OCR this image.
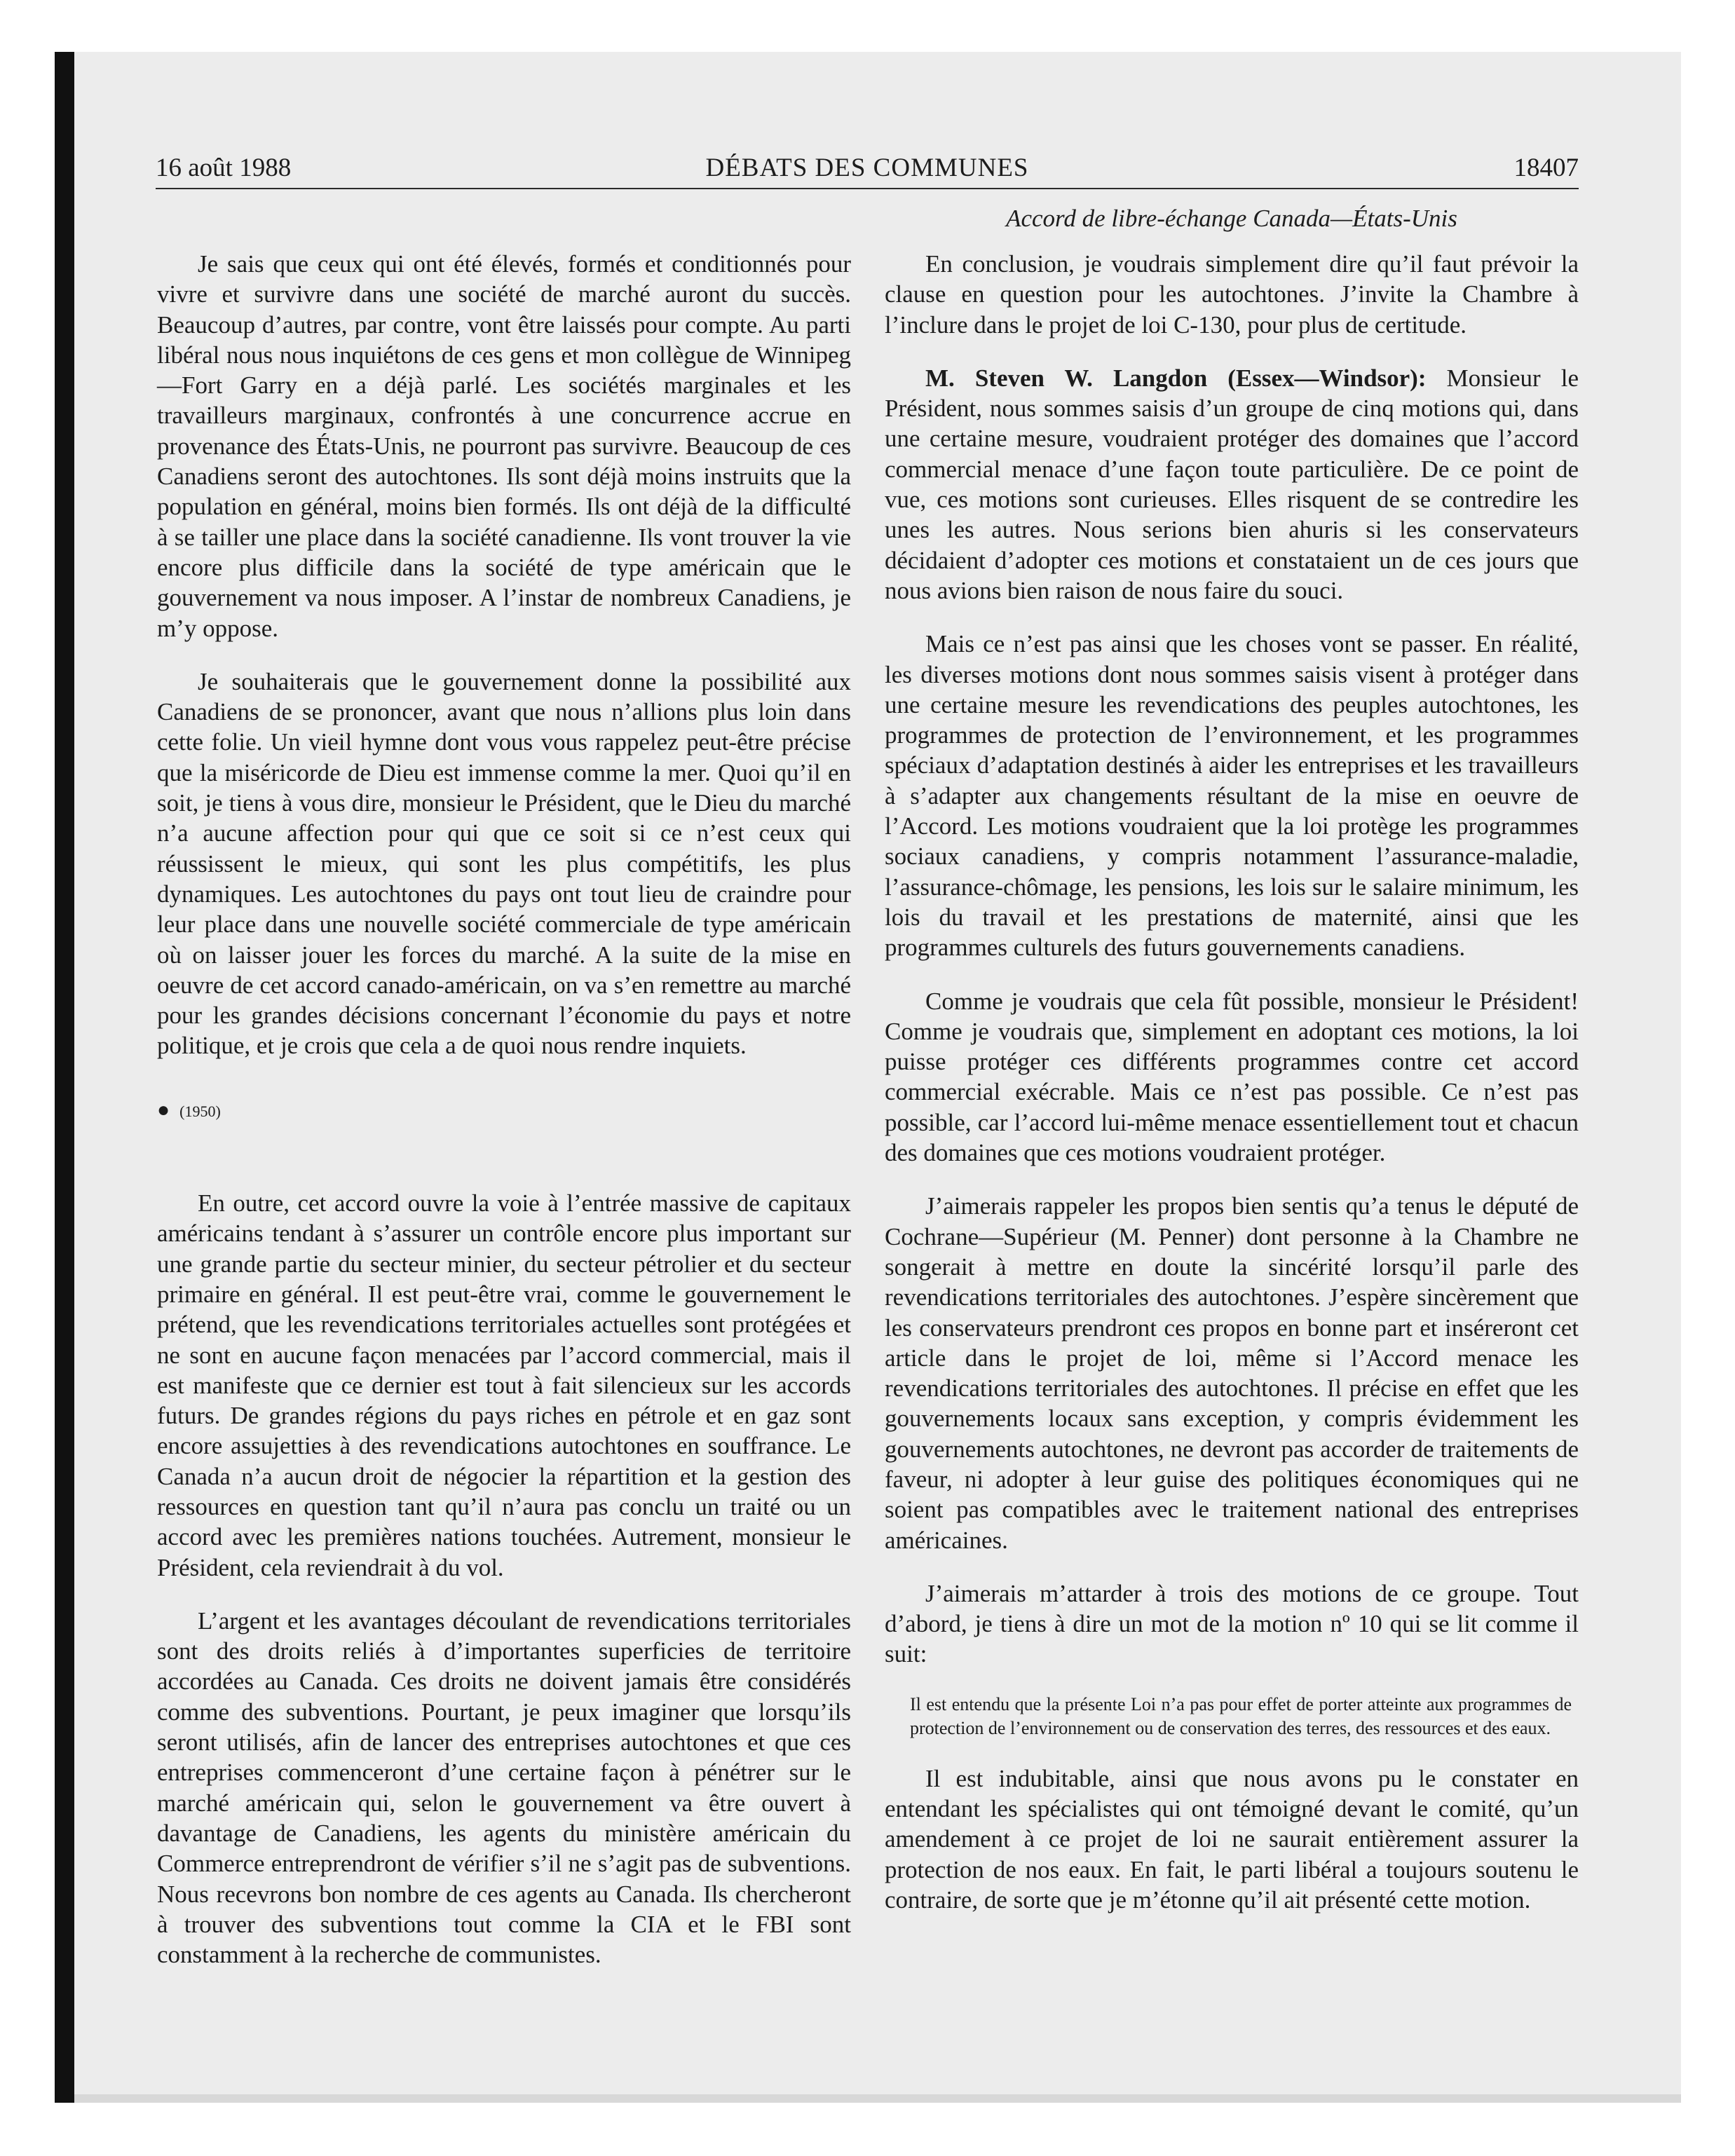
16 août 1988	DÉBATS DES COMMUNES	18407
Accord de libre-échange Canada—États-Unis

Je sais que ceux qui ont été élevés, formés et conditionnés pour vivre et survivre dans une société de marché auront du succès. Beaucoup d’autres, par contre, vont être laissés pour compte. Au parti libéral nous nous inquiétons de ces gens et mon collègue de Winnipeg—Fort Garry en a déjà parlé. Les sociétés marginales et les travailleurs marginaux, confrontés à une concurrence accrue en provenance des États-Unis, ne pourront pas survivre. Beaucoup de ces Canadiens seront des autochtones. Ils sont déjà moins instruits que la population en général, moins bien formés. Ils ont déjà de la difficulté à se tailler une place dans la société canadienne. Ils vont trouver la vie encore plus difficile dans la société de type américain que le gouvernement va nous imposer. A l’instar de nombreux Canadiens, je m’y oppose.

Je souhaiterais que le gouvernement donne la possibilité aux Canadiens de se prononcer, avant que nous n’allions plus loin dans cette folie. Un vieil hymne dont vous vous rappelez peut-être précise que la miséricorde de Dieu est immense comme la mer. Quoi qu’il en soit, je tiens à vous dire, monsieur le Président, que le Dieu du marché n’a aucune affection pour qui que ce soit si ce n’est ceux qui réussissent le mieux, qui sont les plus compétitifs, les plus dynamiques. Les autochtones du pays ont tout lieu de craindre pour leur place dans une nouvelle société commerciale de type américain où on laisser jouer les forces du marché. A la suite de la mise en oeuvre de cet accord canado-américain, on va s’en remettre au marché pour les grandes décisions concernant l’économie du pays et notre politique, et je crois que cela a de quoi nous rendre inquiets.

● (1950)

En outre, cet accord ouvre la voie à l’entrée massive de capitaux américains tendant à s’assurer un contrôle encore plus important sur une grande partie du secteur minier, du secteur pétrolier et du secteur primaire en général. Il est peut-être vrai, comme le gouvernement le prétend, que les revendications territoriales actuelles sont protégées et ne sont en aucune façon menacées par l’accord commercial, mais il est manifeste que ce dernier est tout à fait silencieux sur les accords futurs. De grandes régions du pays riches en pétrole et en gaz sont encore assujetties à des revendications autochtones en souffrance. Le Canada n’a aucun droit de négocier la répartition et la gestion des ressources en question tant qu’il n’aura pas conclu un traité ou un accord avec les premières nations touchées. Autrement, monsieur le Président, cela reviendrait à du vol.

L’argent et les avantages découlant de revendications territoriales sont des droits reliés à d’importantes superficies de territoire accordées au Canada. Ces droits ne doivent jamais être considérés comme des subventions. Pourtant, je peux imaginer que lorsqu’ils seront utilisés, afin de lancer des entreprises autochtones et que ces entreprises commenceront d’une certaine façon à pénétrer sur le marché américain qui, selon le gouvernement va être ouvert à davantage de Canadiens, les agents du ministère américain du Commerce entreprendront de vérifier s’il ne s’agit pas de subventions. Nous recevrons bon nombre de ces agents au Canada. Ils chercheront à trouver des subventions tout comme la CIA et le FBI sont constamment à la recherche de communistes.

En conclusion, je voudrais simplement dire qu’il faut prévoir la clause en question pour les autochtones. J’invite la Chambre à l’inclure dans le projet de loi C-130, pour plus de certitude.

M. Steven W. Langdon (Essex—Windsor): Monsieur le Président, nous sommes saisis d’un groupe de cinq motions qui, dans une certaine mesure, voudraient protéger des domaines que l’accord commercial menace d’une façon toute particulière. De ce point de vue, ces motions sont curieuses. Elles risquent de se contredire les unes les autres. Nous serions bien ahuris si les conservateurs décidaient d’adopter ces motions et constataient un de ces jours que nous avions bien raison de nous faire du souci.

Mais ce n’est pas ainsi que les choses vont se passer. En réalité, les diverses motions dont nous sommes saisis visent à protéger dans une certaine mesure les revendications des peuples autochtones, les programmes de protection de l’environnement, et les programmes spéciaux d’adaptation destinés à aider les entreprises et les travailleurs à s’adapter aux changements résultant de la mise en oeuvre de l’Accord. Les motions voudraient que la loi protège les programmes sociaux canadiens, y compris notamment l’assurance-maladie, l’assurance-chômage, les pensions, les lois sur le salaire minimum, les lois du travail et les prestations de maternité, ainsi que les programmes culturels des futurs gouvernements canadiens.

Comme je voudrais que cela fût possible, monsieur le Président! Comme je voudrais que, simplement en adoptant ces motions, la loi puisse protéger ces différents programmes contre cet accord commercial exécrable. Mais ce n’est pas possible. Ce n’est pas possible, car l’accord lui-même menace essentiellement tout et chacun des domaines que ces motions voudraient protéger.

J’aimerais rappeler les propos bien sentis qu’a tenus le député de Cochrane—Supérieur (M. Penner) dont personne à la Chambre ne songerait à mettre en doute la sincérité lorsqu’il parle des revendications territoriales des autochtones. J’espère sincèrement que les conservateurs prendront ces propos en bonne part et inséreront cet article dans le projet de loi, même si l’Accord menace les revendications territoriales des autochtones. Il précise en effet que les gouvernements locaux sans exception, y compris évidemment les gouvernements autochtones, ne devront pas accorder de traitements de faveur, ni adopter à leur guise des politiques économiques qui ne soient pas compatibles avec le traitement national des entreprises américaines.

J’aimerais m’attarder à trois des motions de ce groupe. Tout d’abord, je tiens à dire un mot de la motion nº 10 qui se lit comme il suit:

Il est entendu que la présente Loi n’a pas pour effet de porter atteinte aux programmes de protection de l’environnement ou de conservation des terres, des ressources et des eaux.

Il est indubitable, ainsi que nous avons pu le constater en entendant les spécialistes qui ont témoigné devant le comité, qu’un amendement à ce projet de loi ne saurait entièrement assurer la protection de nos eaux. En fait, le parti libéral a toujours soutenu le contraire, de sorte que je m’étonne qu’il ait présenté cette motion.
